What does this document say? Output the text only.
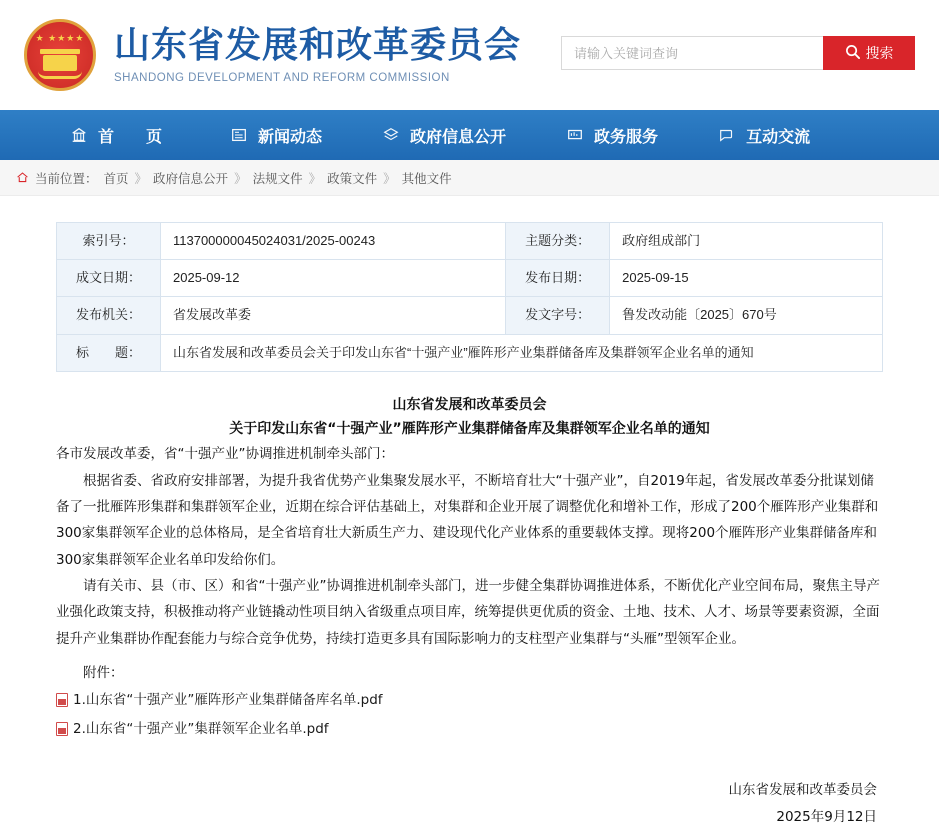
★ ★★★★ 山东省发展和改革委员会
SHANDONG DEVELOPMENT AND REFORM COMMISSION
请输入关键词查询
搜索
首　页	新闻动态	政府信息公开	政务服务	互动交流
当前位置： 首页 》 政府信息公开 》 法规文件 》 政策文件 》 其他文件
索引号：	113700000045024031/2025-00243	主题分类：	政府组成部门
成文日期：	2025-09-12	发布日期：	2025-09-15
发布机关：	省发展改革委	发文字号：	鲁发改动能〔2025〕670号
标　　题：	山东省发展和改革委员会关于印发山东省“十强产业”雁阵形产业集群储备库及集群领军企业名单的通知		
山东省发展和改革委员会
关于印发山东省“十强产业”雁阵形产业集群储备库及集群领军企业名单的通知

各市发展改革委，省“十强产业”协调推进机制牵头部门：

根据省委、省政府安排部署，为提升我省优势产业集聚发展水平，不断培育壮大“十强产业”，自2019年起，省发展改革委分批谋划储备了一批雁阵形集群和集群领军企业，近期在综合评估基础上，对集群和企业开展了调整优化和增补工作，形成了200个雁阵形产业集群和300家集群领军企业的总体格局，是全省培育壮大新质生产力、建设现代化产业体系的重要载体支撑。现将200个雁阵形产业集群储备库和300家集群领军企业名单印发给你们。

请有关市、县（市、区）和省“十强产业”协调推进机制牵头部门，进一步健全集群协调推进体系，不断优化产业空间布局，聚焦主导产业强化政策支持，积极推动将产业链撬动性项目纳入省级重点项目库，统筹提供更优质的资金、土地、技术、人才、场景等要素资源，全面提升产业集群协作配套能力与综合竞争优势，持续打造更多具有国际影响力的支柱型产业集群与“头雁”型领军企业。

附件：
1.山东省“十强产业”雁阵形产业集群储备库名单.pdf
2.山东省“十强产业”集群领军企业名单.pdf
山东省发展和改革委员会
2025年9月12日
